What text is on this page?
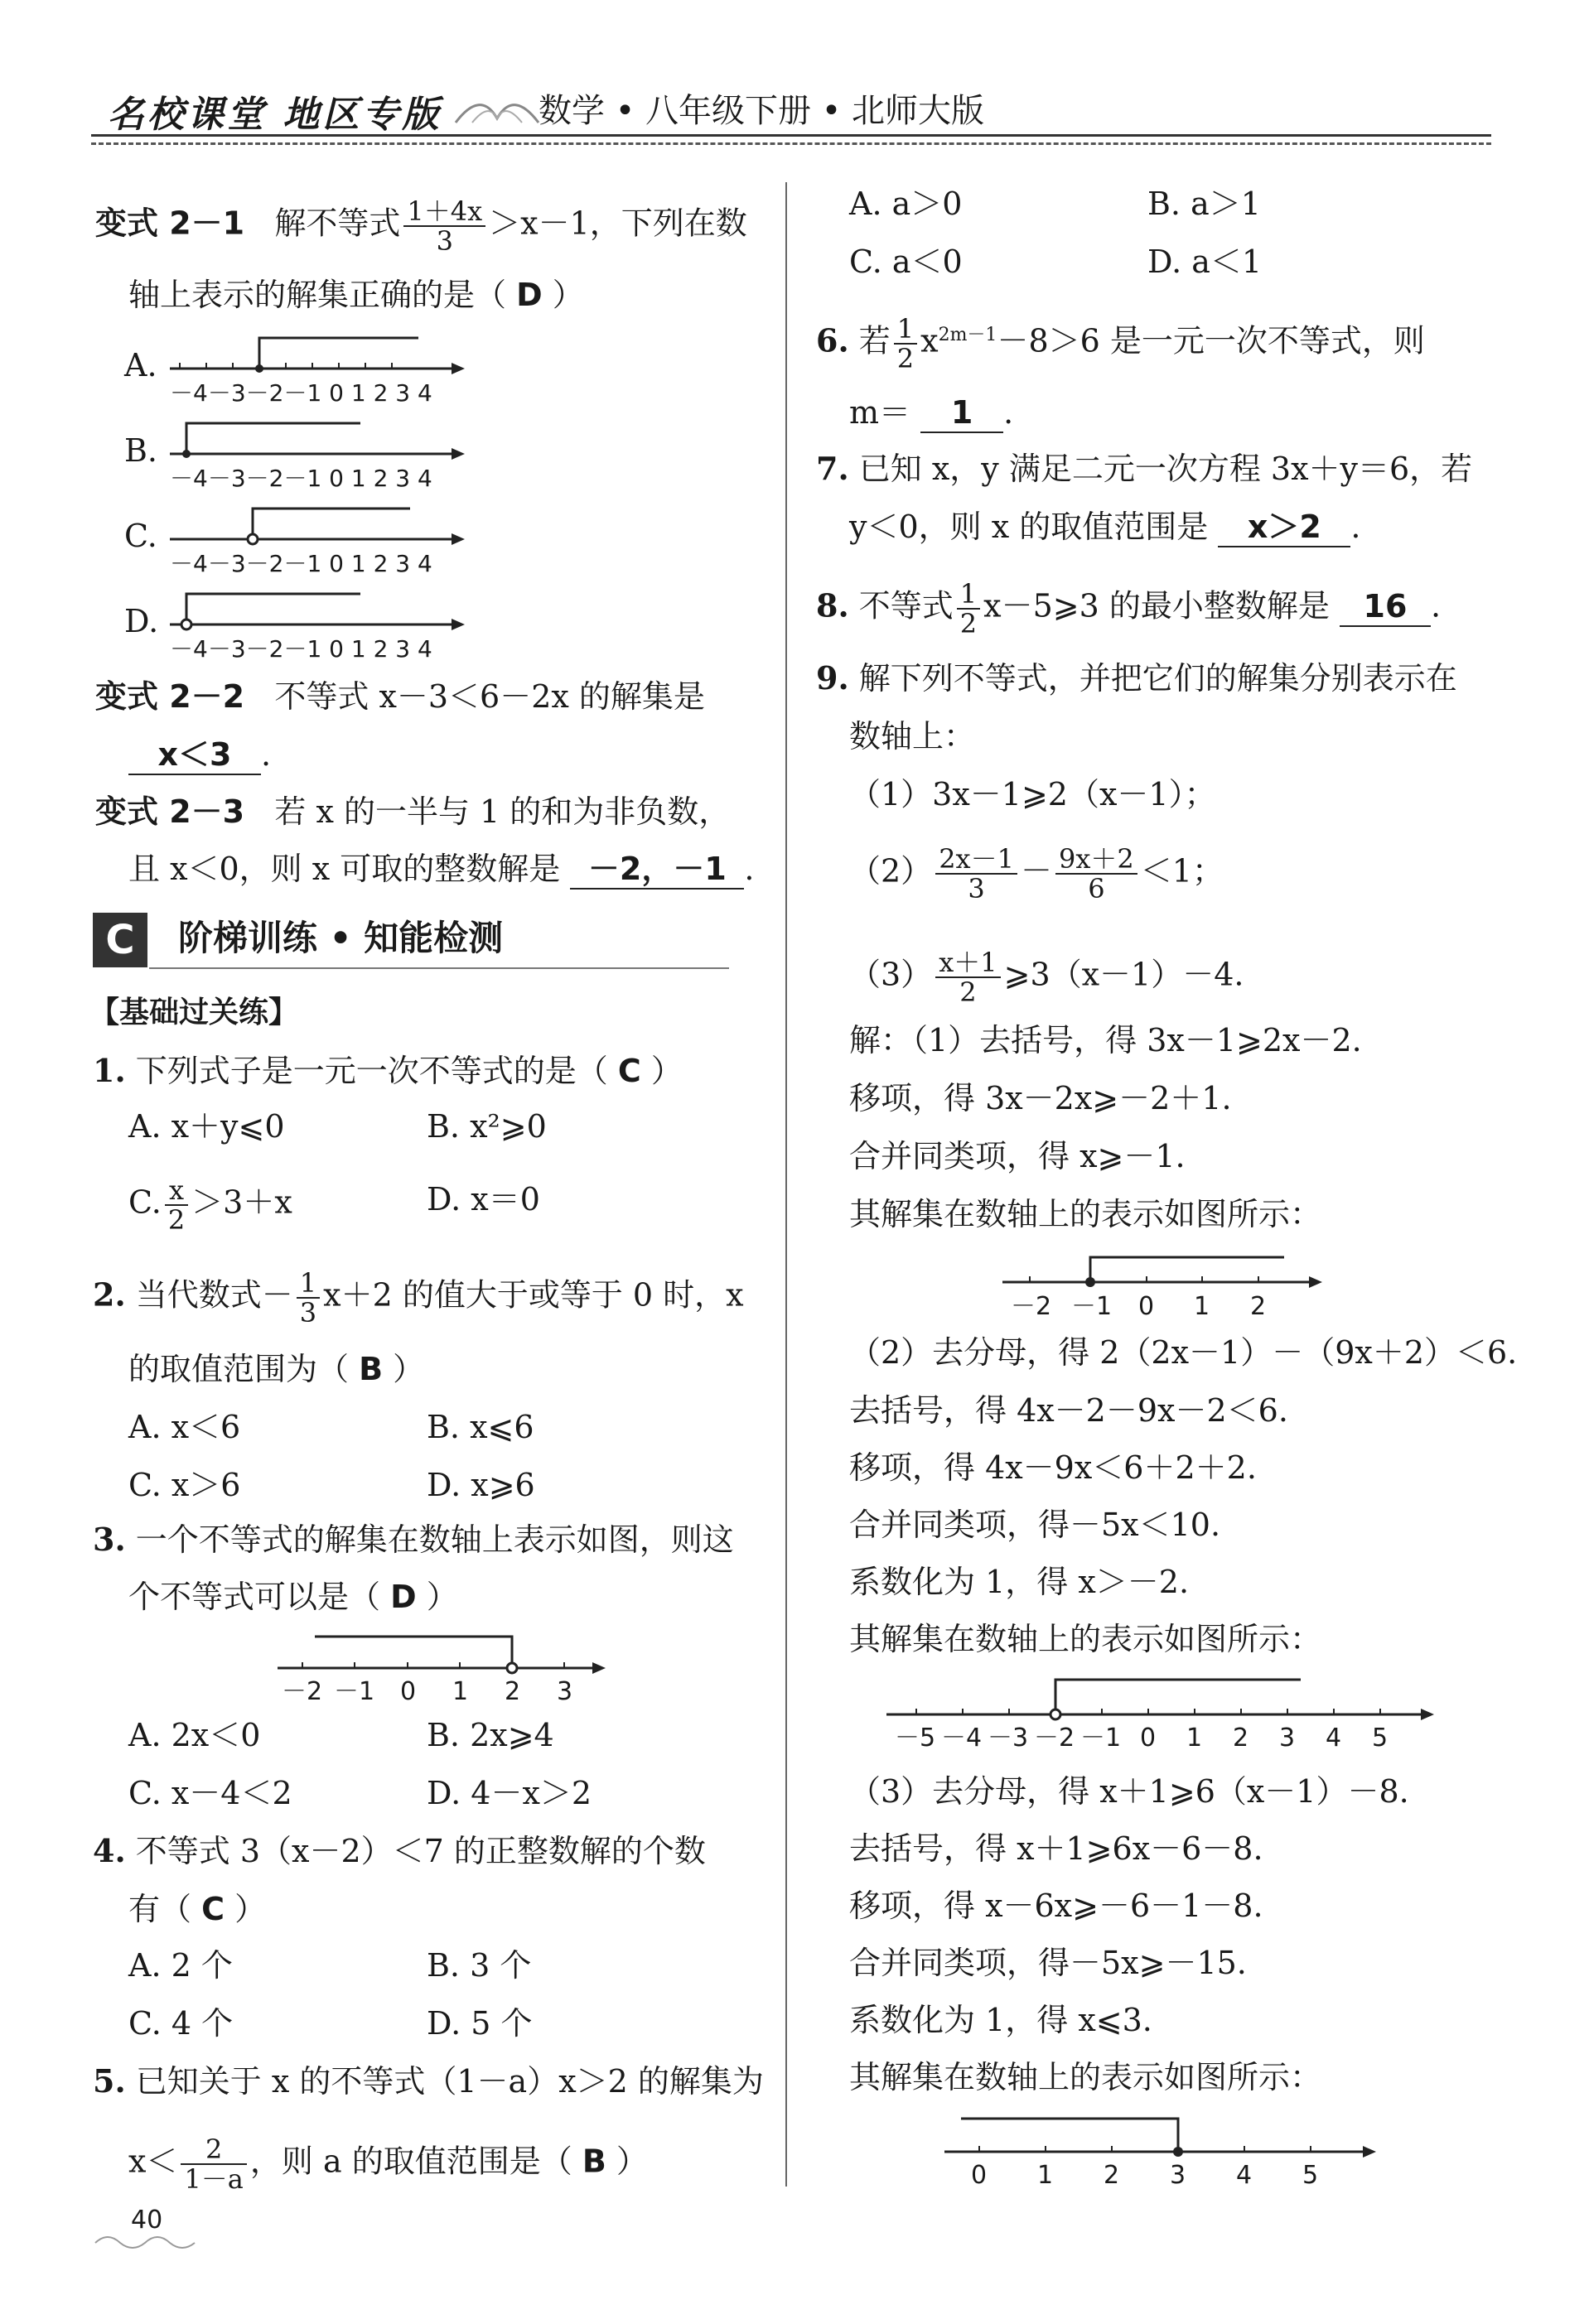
名校课堂 地区专版	数学 • 八年级下册 • 北师大版
变式 2－1 解不等式 $\frac{1+4x}{3} >x-1$，下列在数
轴上表示的解集正确的是（ D ）
A.
－4－3－2－1 0 1 2 3 4
B.
－4－3－2－1 0 1 2 3 4
C.
－4－3－2－1 0 1 2 3 4
D.
－4－3－2－1 0 1 2 3 4
变式 2－2 不等式 x－3＜6－2x 的解集是
x＜3 .
变式 2－3 若 x 的一半与 1 的和为非负数，
且 x＜0，则 x 可取的整数解是 －2，－1 .
C	阶梯训练 • 知能检测
【基础过关练】
1. 下列式子是一元一次不等式的是（ C ）
A. x＋y⩽0	B. x²⩾0
C. $\frac{x}{2} >3+x$	D. x＝0
2. 当代数式－ $\frac{1}{3} x+2$ 的值大于或等于 0 时，x
的取值范围为（ B ）
A. x＜6	B. x⩽6
C. x＞6	D. x⩾6
3. 一个不等式的解集在数轴上表示如图，则这
个不等式可以是（ D ）
－2 －1 0 1 2 3
A. 2x＜0	B. 2x⩾4
C. x－4＜2	D. 4－x＞2
4. 不等式 3（x－2）＜7 的正整数解的个数
有（ C ）
A. 2 个	B. 3 个
C. 4 个	D. 5 个
5. 已知关于 x 的不等式（1－a）x＞2 的解集为
$x< \frac{2}{1-a}$ ，则 a 的取值范围是（ B ）
40
A. a＞0	B. a＞1
C. a＜0	D. a＜1
6. 若 $\frac{1}{2} x^{2m-1}-8>6$ 是一元一次不等式，则
m＝ 1 .
7. 已知 x，y 满足二元一次方程 3x＋y＝6，若
y＜0，则 x 的取值范围是 x＞2 .
8. 不等式 $\frac{1}{2}$ x－5⩾3 的最小整数解是 16 .
9. 解下列不等式，并把它们的解集分别表示在
数轴上：
（1）3x－1⩾2（x－1）；
$(2) \frac{2x-1}{3} - \frac{9x+2}{6} <1$；
$(3) \frac{x+1}{2}$ ⩾3（x－1）－4.
解：（1）去括号，得 3x－1⩾2x－2.
移项，得 3x－2x⩾－2＋1.
合并同类项，得 x⩾－1.
其解集在数轴上的表示如图所示：
－2 －1 0 1 2
（2）去分母，得 2（2x－1）－（9x＋2）＜6.
去括号，得 4x－2－9x－2＜6.
移项，得 4x－9x＜6＋2＋2.
合并同类项，得－5x＜10.
系数化为 1，得 x＞－2.
其解集在数轴上的表示如图所示：
－5 －4 －3 －2 －1 0 1 2 3 4 5
（3）去分母，得 x＋1⩾6（x－1）－8.
去括号，得 x＋1⩾6x－6－8.
移项，得 x－6x⩾－6－1－8.
合并同类项，得－5x⩾－15.
系数化为 1，得 x⩽3.
其解集在数轴上的表示如图所示：
0 1 2 3 4 5
